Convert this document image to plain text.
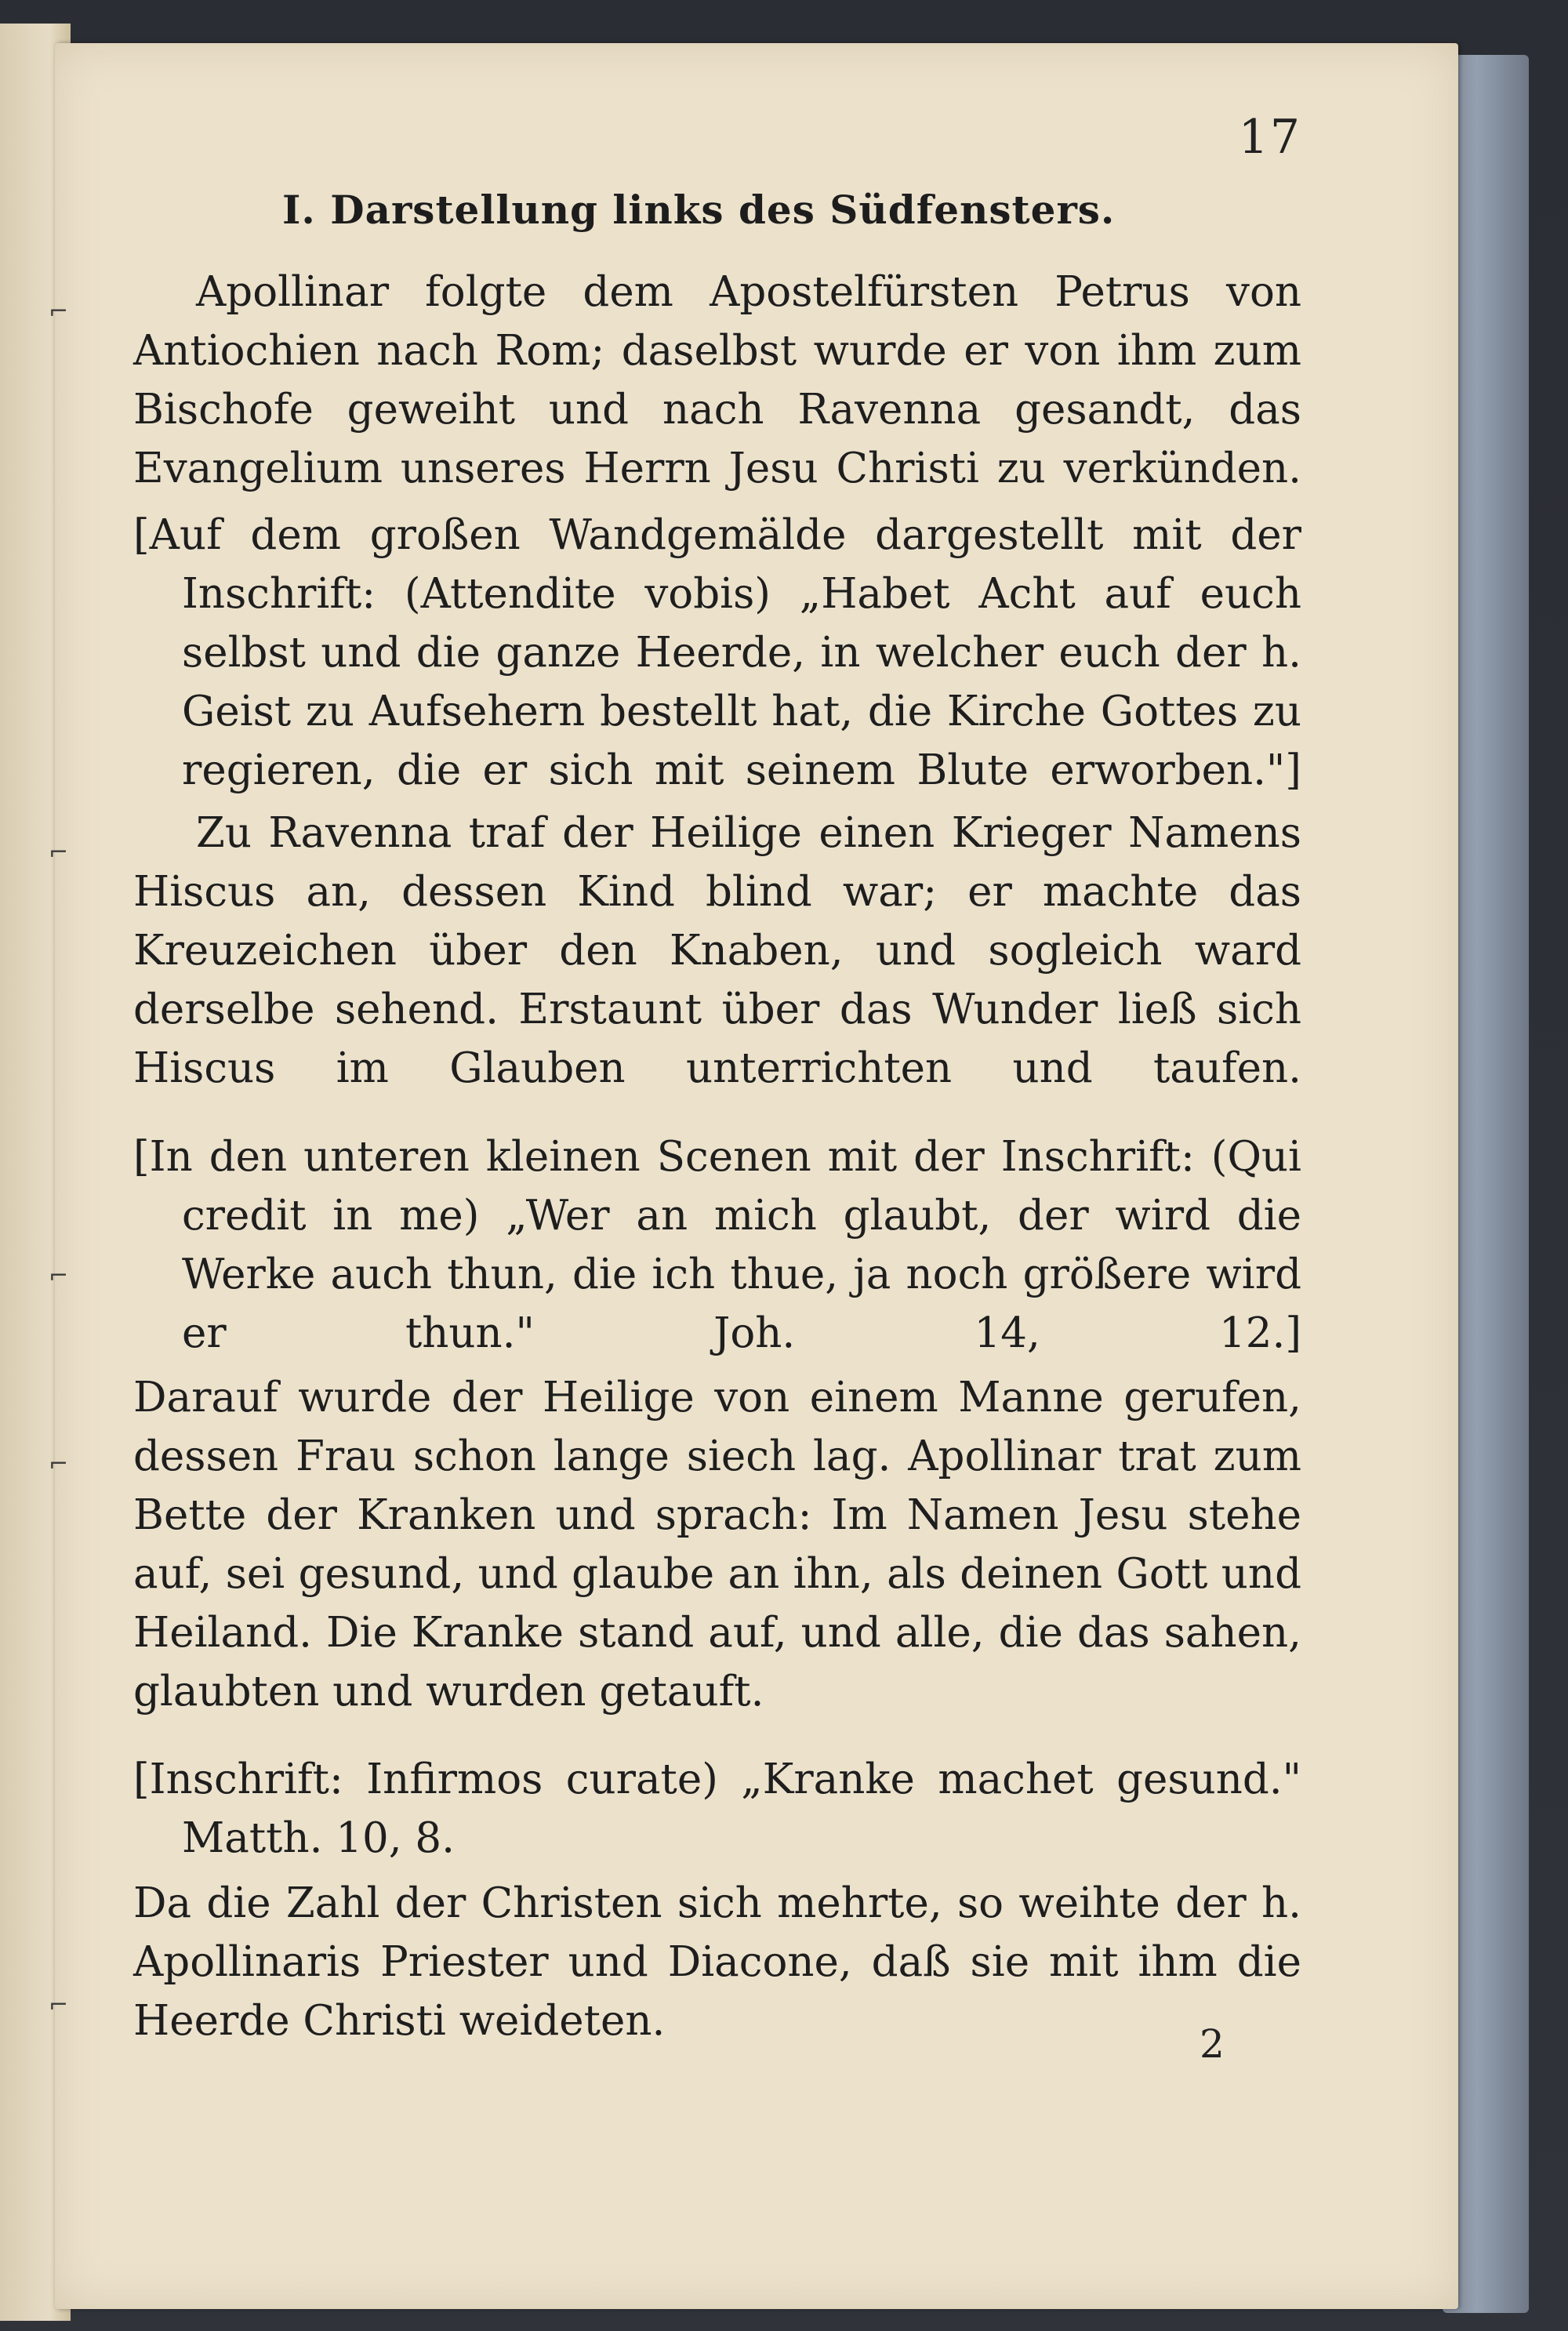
17
I. Darstellung links des Südfensters.

Apollinar folgte dem Apostelfürsten Petrus von Antiochien nach Rom; daselbst wurde er von ihm zum Bischofe geweiht und nach Ravenna gesandt, das Evangelium unseres Herrn Jesu Christi zu verkünden.

[Auf dem großen Wandgemälde dargestellt mit der Inschrift: (Attendite vobis) „Habet Acht auf euch selbst und die ganze Heerde, in welcher euch der h. Geist zu Aufsehern bestellt hat, die Kirche Gottes zu regieren, die er sich mit seinem Blute erworben."]

Zu Ravenna traf der Heilige einen Krieger Namens Hiscus an, dessen Kind blind war; er machte das Kreuzeichen über den Knaben, und sogleich ward derselbe sehend. Erstaunt über das Wunder ließ sich Hiscus im Glauben unterrichten und taufen.

[In den unteren kleinen Scenen mit der Inschrift: (Qui credit in me) „Wer an mich glaubt, der wird die Werke auch thun, die ich thue, ja noch größere wird er thun." Joh. 14, 12.]

Darauf wurde der Heilige von einem Manne gerufen, dessen Frau schon lange siech lag. Apollinar trat zum Bette der Kranken und sprach: Im Namen Jesu stehe auf, sei gesund, und glaube an ihn, als deinen Gott und Heiland. Die Kranke stand auf, und alle, die das sahen, glaubten und wurden getauft.

[Inschrift: Infirmos curate) „Kranke machet gesund." Matth. 10, 8.

Da die Zahl der Christen sich mehrte, so weihte der h. Apollinaris Priester und Diacone, daß sie mit ihm die Heerde Christi weideten.	2
⌐
⌐
⌐
⌐
⌐
